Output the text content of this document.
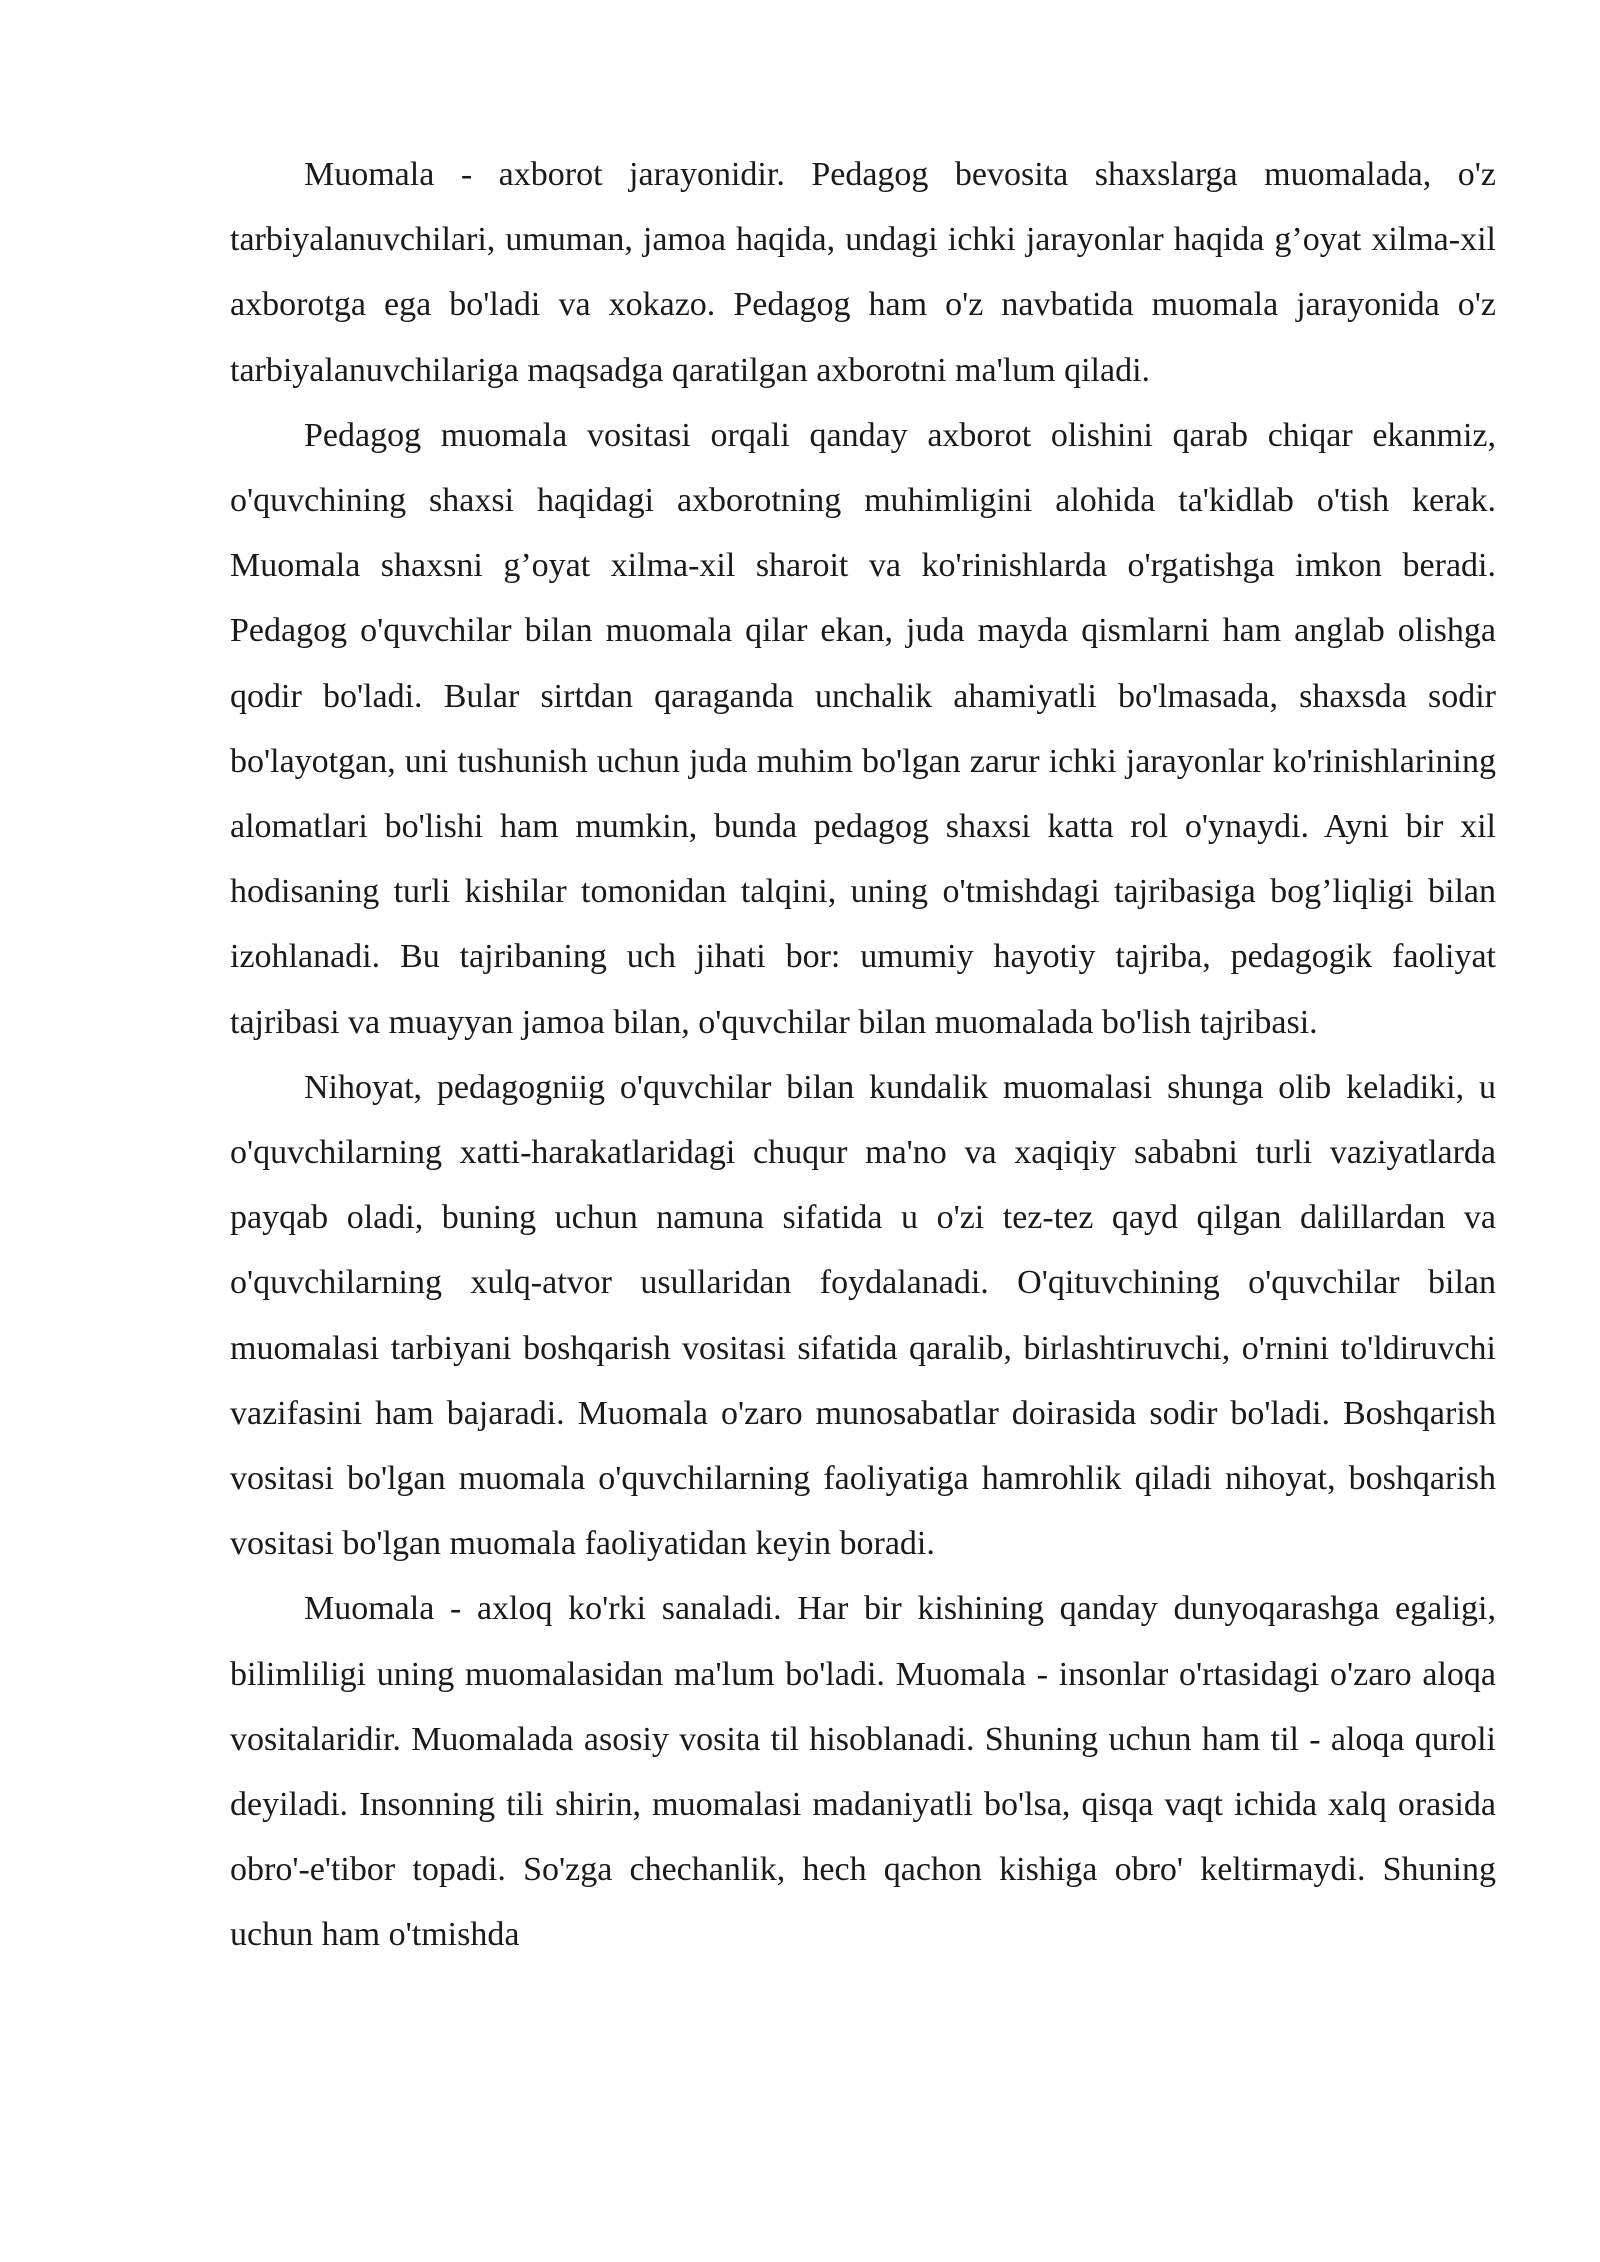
Muomala - axborot jarayonidir. Pedagog bevosita shaxslarga muomalada, o'z tarbiyalanuvchilari, umuman, jamoa haqida, undagi ichki jarayonlar haqida g’oyat xilma-xil axborotga ega bo'ladi va xokazo. Pedagog ham o'z navbatida muomala jarayonida o'z tarbiyalanuvchilariga maqsadga qaratilgan axborotni ma'lum qiladi.

Pedagog muomala vositasi orqali qanday axborot olishini qarab chiqar ekanmiz, o'quvchining shaxsi haqidagi axborotning muhimligini alohida ta'kidlab o'tish kerak. Muomala shaxsni g’oyat xilma-xil sharoit va ko'rinishlarda o'rgatishga imkon beradi. Pedagog o'quvchilar bilan muomala qilar ekan, juda mayda qismlarni ham anglab olishga qodir bo'ladi. Bular sirtdan qaraganda unchalik ahamiyatli bo'lmasada, shaxsda sodir bo'layotgan, uni tushunish uchun juda muhim bo'lgan zarur ichki jarayonlar ko'rinishlarining alomatlari bo'lishi ham mumkin, bunda pedagog shaxsi katta rol o'ynaydi. Ayni bir xil hodisaning turli kishilar tomonidan talqini, uning o'tmishdagi tajribasiga bog’liqligi bilan izohlanadi. Bu tajribaning uch jihati bor: umumiy hayotiy tajriba, pedagogik faoliyat tajribasi va muayyan jamoa bilan, o'quvchilar bilan muomalada bo'lish tajribasi.

Nihoyat, pedagogniig o'quvchilar bilan kundalik muomalasi shunga olib keladiki, u o'quvchilarning xatti-harakatlaridagi chuqur ma'no va xaqiqiy sababni turli vaziyatlarda payqab oladi, buning uchun namuna sifatida u o'zi tez-tez qayd qilgan dalillardan va o'quvchilarning xulq-atvor usullaridan foydalanadi. O'qituvchining o'quvchilar bilan muomalasi tarbiyani boshqarish vositasi sifatida qaralib, birlashtiruvchi, o'rnini to'ldiruvchi vazifasini ham bajaradi. Muomala o'zaro munosabatlar doirasida sodir bo'ladi. Boshqarish vositasi bo'lgan muomala o'quvchilarning faoliyatiga hamrohlik qiladi nihoyat, boshqarish vositasi bo'lgan muomala faoliyatidan keyin boradi.

Muomala - axloq ko'rki sanaladi. Har bir kishining qanday dunyoqarashga egaligi, bilimliligi uning muomalasidan ma'lum bo'ladi. Muomala - insonlar o'rtasidagi o'zaro aloqa vositalaridir. Muomalada asosiy vosita til hisoblanadi. Shuning uchun ham til - aloqa quroli deyiladi. Insonning tili shirin, muomalasi madaniyatli bo'lsa, qisqa vaqt ichida xalq orasida obro'-e'tibor topadi. So'zga chechanlik, hech qachon kishiga obro' keltirmaydi. Shuning uchun ham o'tmishda
